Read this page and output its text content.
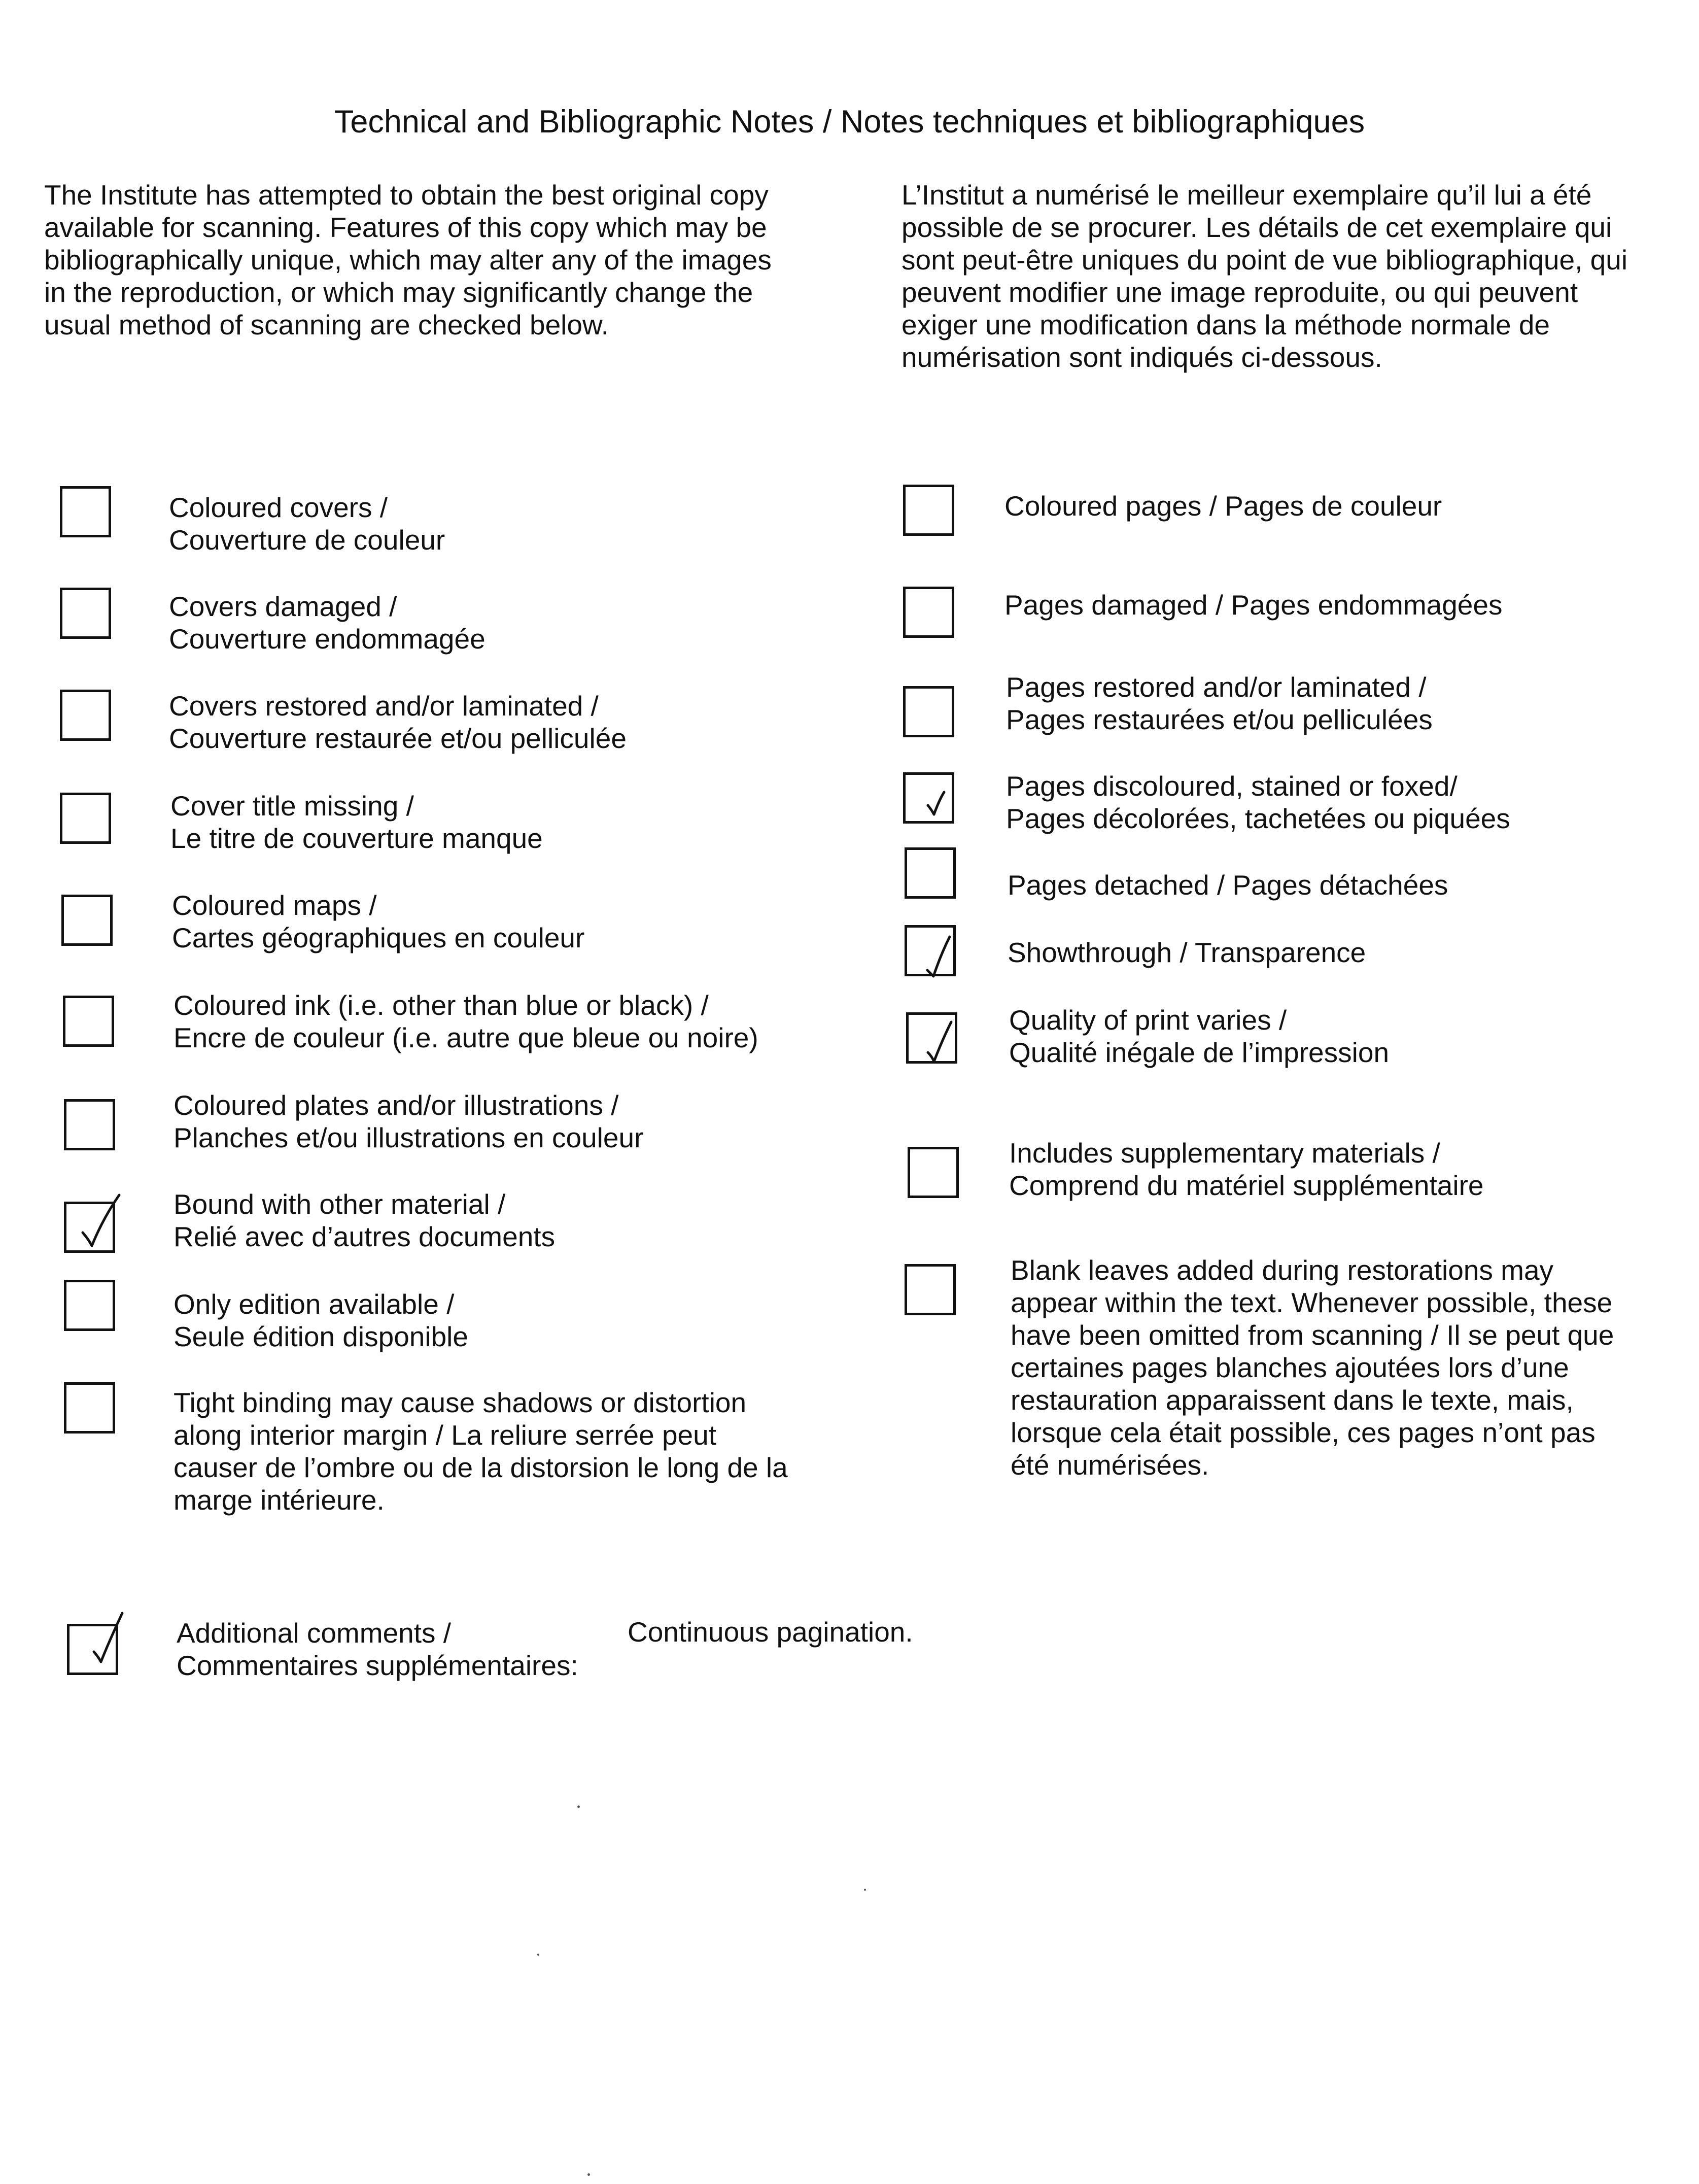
Technical and Bibliographic Notes / Notes techniques et bibliographiques
The Institute has attempted to obtain the best original copy
available for scanning. Features of this copy which may be
bibliographically unique, which may alter any of the images
in the reproduction, or which may significantly change the
usual method of scanning are checked below.
L’Institut a numérisé le meilleur exemplaire qu’il lui a été
possible de se procurer. Les détails de cet exemplaire qui
sont peut-être uniques du point de vue bibliographique, qui
peuvent modifier une image reproduite, ou qui peuvent
exiger une modification dans la méthode normale de
numérisation sont indiqués ci-dessous.
Coloured covers /
Couverture de couleur
Covers damaged /
Couverture endommagée
Covers restored and/or laminated /
Couverture restaurée et/ou pelliculée
Cover title missing /
Le titre de couverture manque
Coloured maps /
Cartes géographiques en couleur
Coloured ink (i.e. other than blue or black) /
Encre de couleur (i.e. autre que bleue ou noire)
Coloured plates and/or illustrations /
Planches et/ou illustrations en couleur
Bound with other material /
Relié avec d’autres documents
Only edition available /
Seule édition disponible
Tight binding may cause shadows or distortion
along interior margin / La reliure serrée peut
causer de l’ombre ou de la distorsion le long de la
marge intérieure.
Coloured pages / Pages de couleur
Pages damaged / Pages endommagées
Pages restored and/or laminated /
Pages restaurées et/ou pelliculées
Pages discoloured, stained or foxed/
Pages décolorées, tachetées ou piquées
Pages detached / Pages détachées
Showthrough / Transparence
Quality of print varies /
Qualité inégale de l’impression
Includes supplementary materials /
Comprend du matériel supplémentaire
Blank leaves added during restorations may
appear within the text. Whenever possible, these
have been omitted from scanning / Il se peut que
certaines pages blanches ajoutées lors d’une
restauration apparaissent dans le texte, mais,
lorsque cela était possible, ces pages n’ont pas
été numérisées.
Additional comments /
Commentaires supplémentaires:
Continuous pagination.
